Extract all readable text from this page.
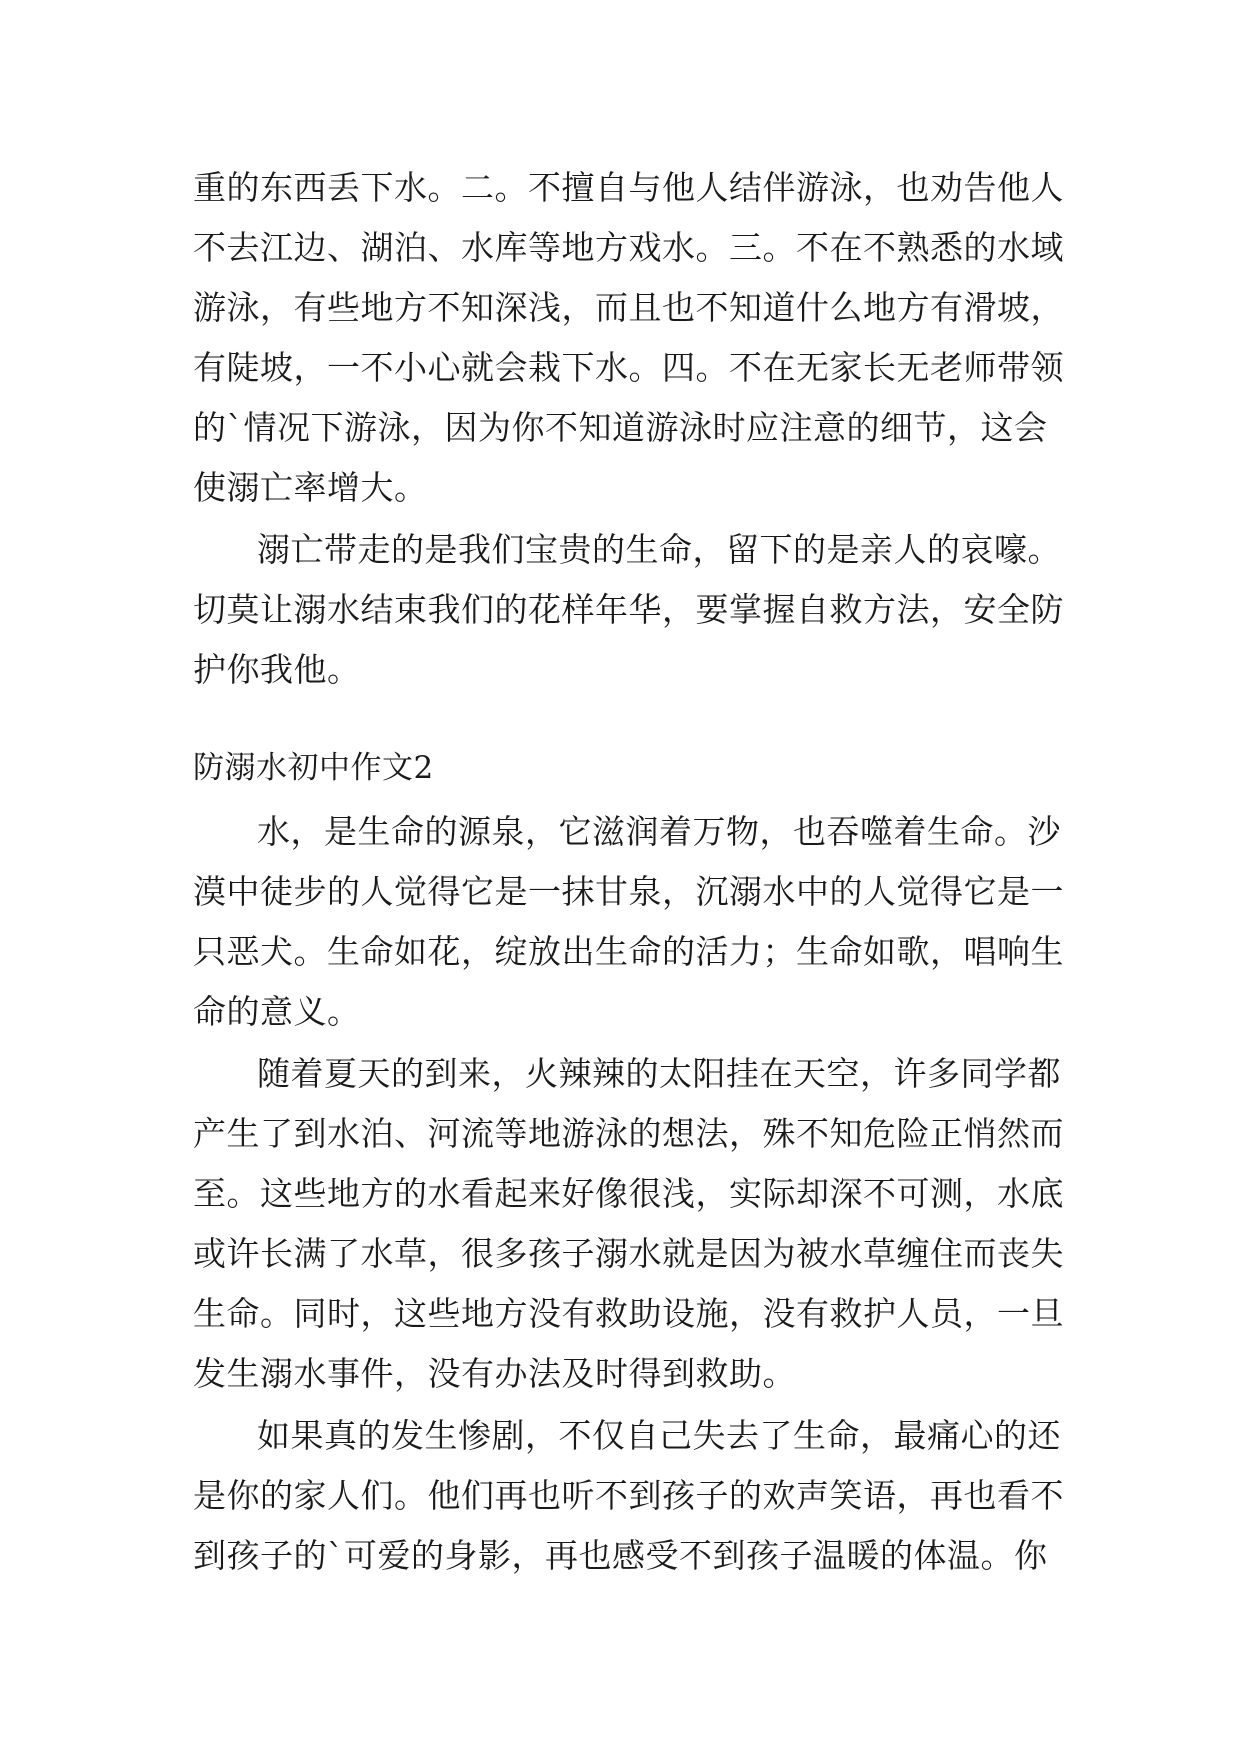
重的东西丢下水。二。不擅自与他人结伴游泳，也劝告他人
不去江边、湖泊、水库等地方戏水。三。不在不熟悉的水域
游泳，有些地方不知深浅，而且也不知道什么地方有滑坡，
有陡坡，一不小心就会栽下水。四。不在无家长无老师带领
的`情况下游泳，因为你不知道游泳时应注意的细节，这会
使溺亡率增大。
溺亡带走的是我们宝贵的生命，留下的是亲人的哀嚎。
切莫让溺水结束我们的花样年华，要掌握自救方法，安全防
护你我他。
防溺水初中作文2
水，是生命的源泉，它滋润着万物，也吞噬着生命。沙
漠中徒步的人觉得它是一抹甘泉，沉溺水中的人觉得它是一
只恶犬。生命如花，绽放出生命的活力；生命如歌，唱响生
命的意义。
随着夏天的到来，火辣辣的太阳挂在天空，许多同学都
产生了到水泊、河流等地游泳的想法，殊不知危险正悄然而
至。这些地方的水看起来好像很浅，实际却深不可测，水底
或许长满了水草，很多孩子溺水就是因为被水草缠住而丧失
生命。同时，这些地方没有救助设施，没有救护人员，一旦
发生溺水事件，没有办法及时得到救助。
如果真的发生惨剧，不仅自己失去了生命，最痛心的还
是你的家人们。他们再也听不到孩子的欢声笑语，再也看不
到孩子的`可爱的身影，再也感受不到孩子温暖的体温。你
